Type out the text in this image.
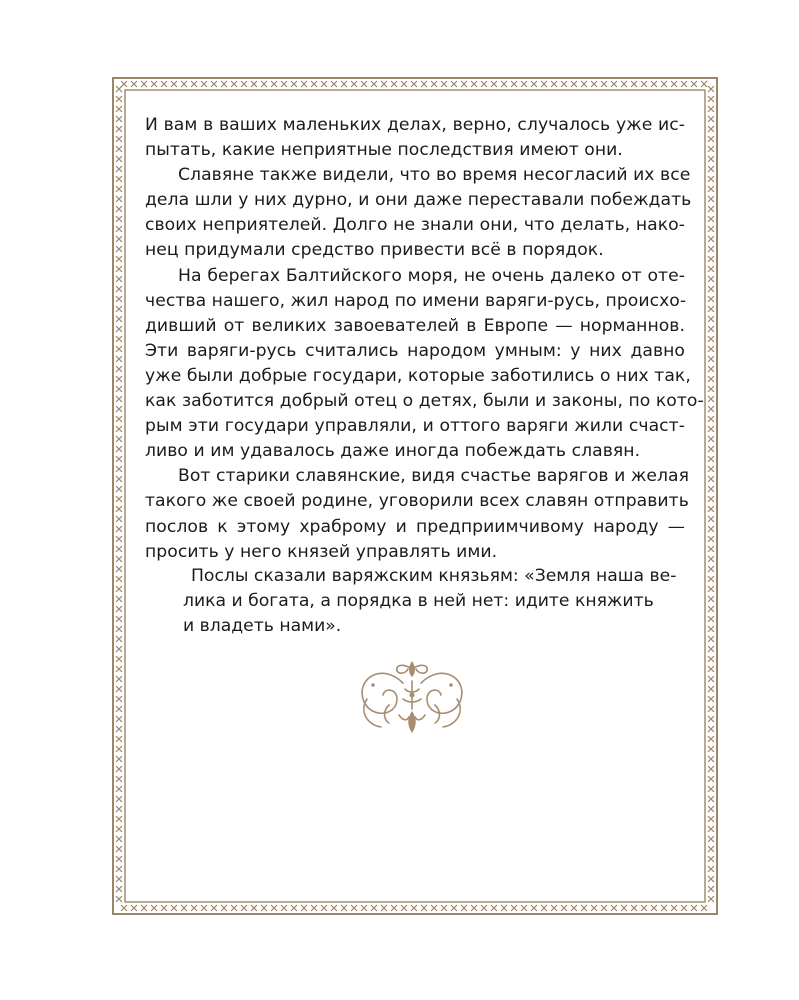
И вам в ваших маленьких делах, верно, случалось уже ис-
пытать, какие неприятные последствия имеют они.
Славяне также видели, что во время несогласий их все
дела шли у них дурно, и они даже переставали побеждать
своих неприятелей. Долго не знали они, что делать, нако-
нец придумали средство привести всё в порядок.
На берегах Балтийского моря, не очень далеко от оте-
чества нашего, жил народ по имени варяги-русь, происхо-
дивший от великих завоевателей в Европе — норманнов.
Эти варяги-русь считались народом умным: у них давно
уже были добрые государи, которые заботились о них так,
как заботится добрый отец о детях, были и законы, по кото-
рым эти государи управляли, и оттого варяги жили счаст-
ливо и им удавалось даже иногда побеждать славян.
Вот старики славянские, видя счастье варягов и желая
такого же своей родине, уговорили всех славян отправить
послов к этому храброму и предприимчивому народу —
просить у него князей управлять ими.
Послы сказали варяжским князьям: «Земля наша ве-
лика и богата, а порядка в ней нет: идите княжить
и владеть нами».
